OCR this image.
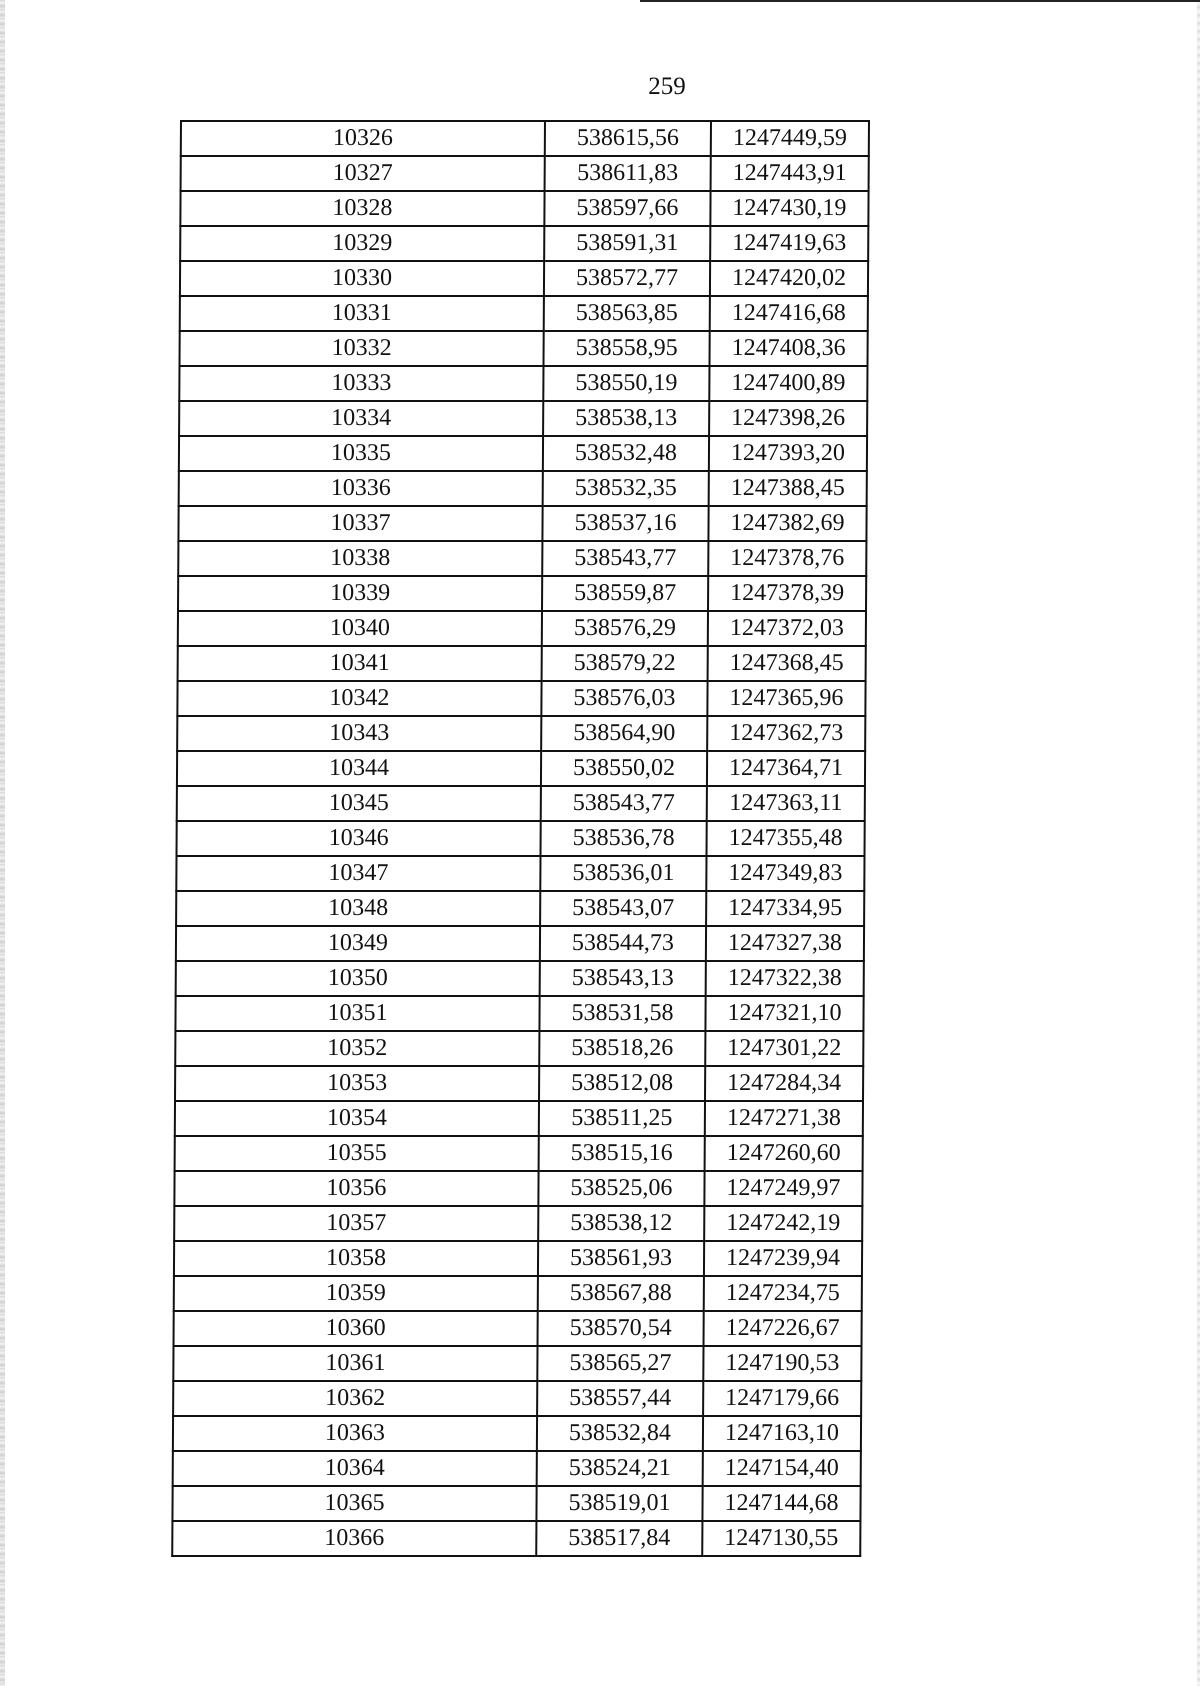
259
10326	538615,56	1247449,59
10327	538611,83	1247443,91
10328	538597,66	1247430,19
10329	538591,31	1247419,63
10330	538572,77	1247420,02
10331	538563,85	1247416,68
10332	538558,95	1247408,36
10333	538550,19	1247400,89
10334	538538,13	1247398,26
10335	538532,48	1247393,20
10336	538532,35	1247388,45
10337	538537,16	1247382,69
10338	538543,77	1247378,76
10339	538559,87	1247378,39
10340	538576,29	1247372,03
10341	538579,22	1247368,45
10342	538576,03	1247365,96
10343	538564,90	1247362,73
10344	538550,02	1247364,71
10345	538543,77	1247363,11
10346	538536,78	1247355,48
10347	538536,01	1247349,83
10348	538543,07	1247334,95
10349	538544,73	1247327,38
10350	538543,13	1247322,38
10351	538531,58	1247321,10
10352	538518,26	1247301,22
10353	538512,08	1247284,34
10354	538511,25	1247271,38
10355	538515,16	1247260,60
10356	538525,06	1247249,97
10357	538538,12	1247242,19
10358	538561,93	1247239,94
10359	538567,88	1247234,75
10360	538570,54	1247226,67
10361	538565,27	1247190,53
10362	538557,44	1247179,66
10363	538532,84	1247163,10
10364	538524,21	1247154,40
10365	538519,01	1247144,68
10366	538517,84	1247130,55
